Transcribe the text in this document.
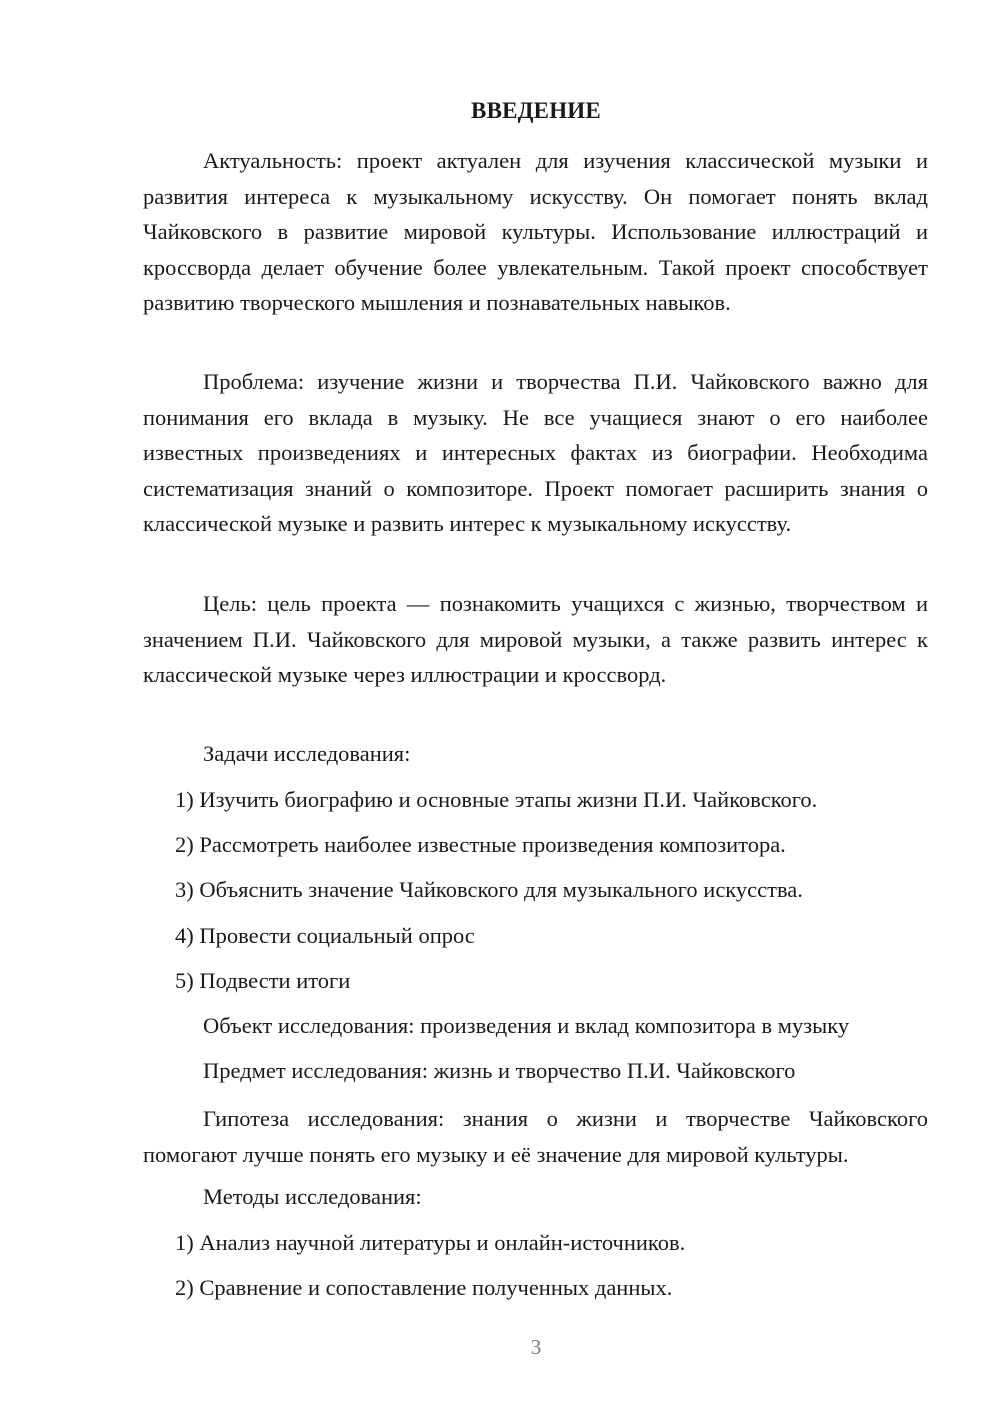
ВВЕДЕНИЕ

Актуальность: проект актуален для изучения классической музыки и развития интереса к музыкальному искусству. Он помогает понять вклад Чайковского в развитие мировой культуры. Использование иллюстраций и кроссворда делает обучение более увлекательным. Такой проект способствует развитию творческого мышления и познавательных навыков.

Проблема: изучение жизни и творчества П.И. Чайковского важно для понимания его вклада в музыку. Не все учащиеся знают о его наиболее известных произведениях и интересных фактах из биографии. Необходима систематизация знаний о композиторе. Проект помогает расширить знания о классической музыке и развить интерес к музыкальному искусству.

Цель: цель проекта — познакомить учащихся с жизнью, творчеством и значением П.И. Чайковского для мировой музыки, а также развить интерес к классической музыке через иллюстрации и кроссворд.

Задачи исследования:

1) Изучить биографию и основные этапы жизни П.И. Чайковского.

2) Рассмотреть наиболее известные произведения композитора.

3) Объяснить значение Чайковского для музыкального искусства.

4) Провести социальный опрос

5) Подвести итоги

Объект исследования: произведения и вклад композитора в музыку

Предмет исследования: жизнь и творчество П.И. Чайковского

Гипотеза исследования: знания о жизни и творчестве Чайковского помогают лучше понять его музыку и её значение для мировой культуры.

Методы исследования:

1) Анализ научной литературы и онлайн-источников.

2) Сравнение и сопоставление полученных данных.

3
